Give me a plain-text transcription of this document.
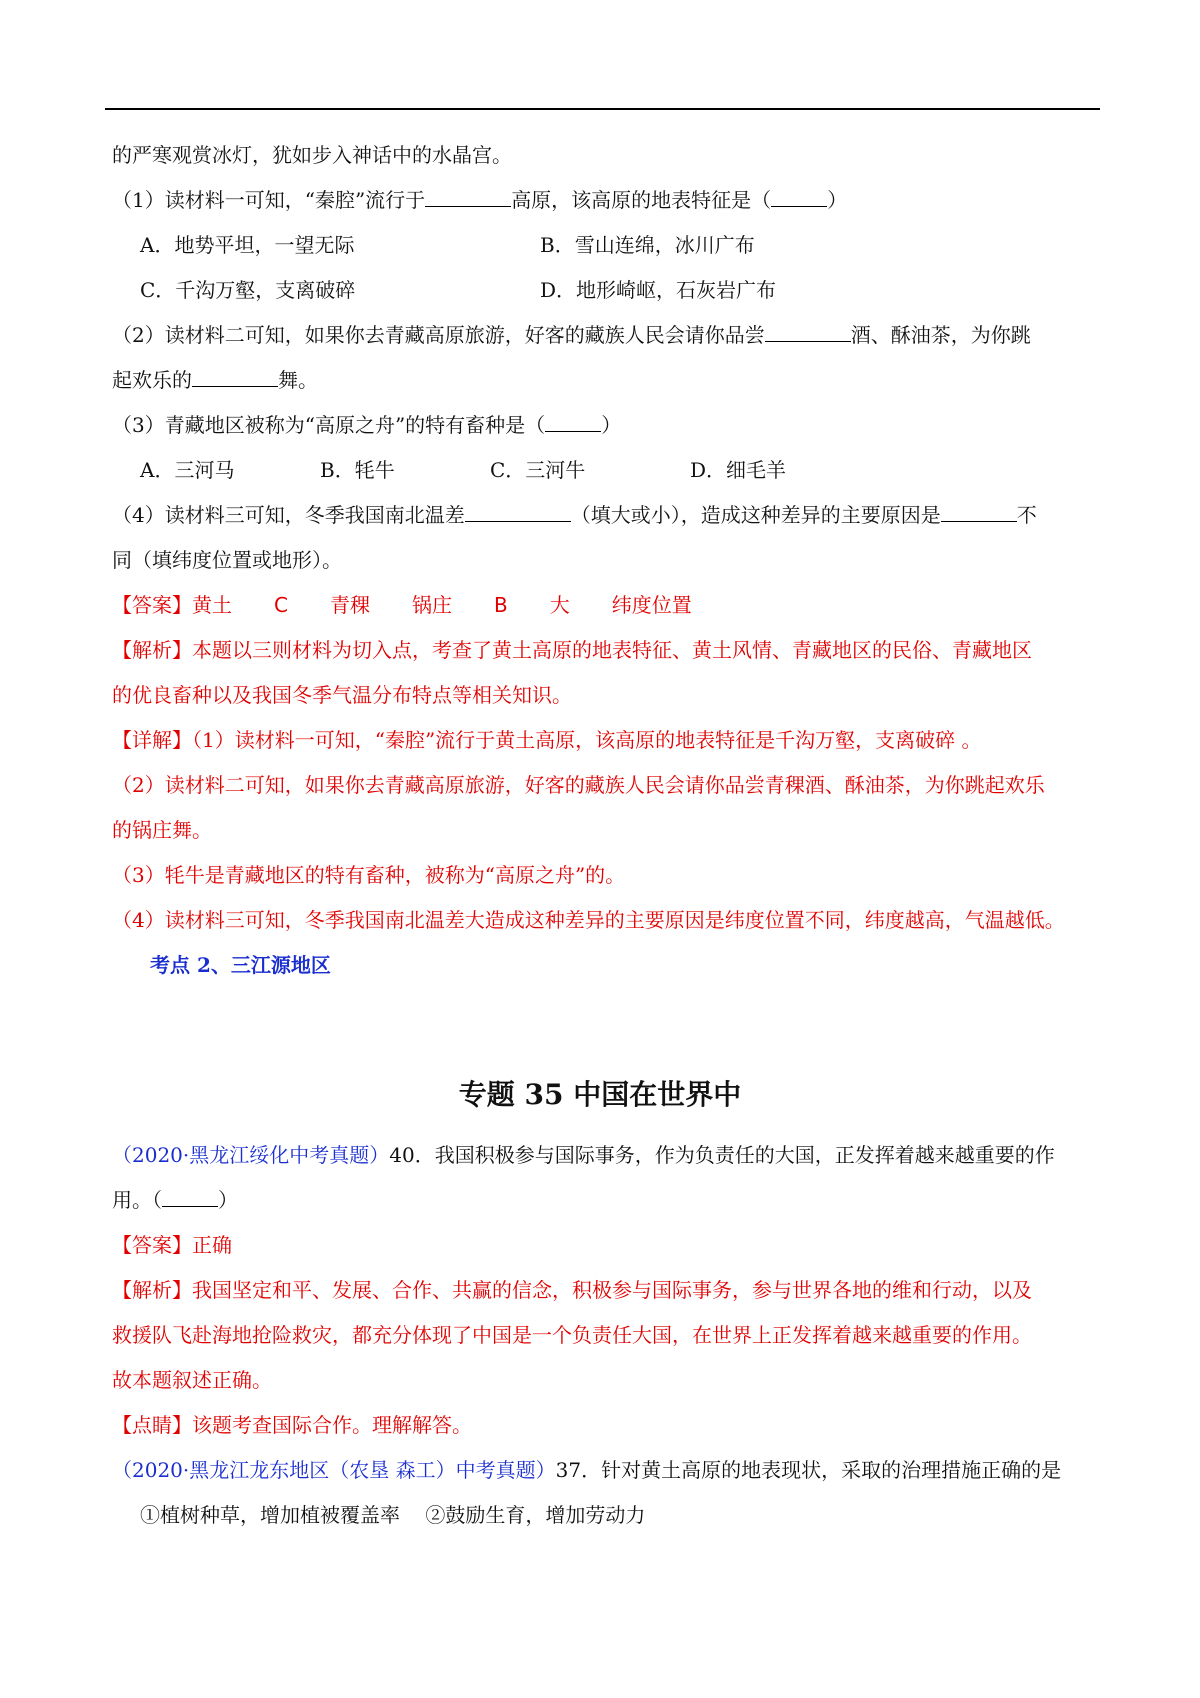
的严寒观赏冰灯，犹如步入神话中的水晶宫。
（1）读材料一可知，“秦腔”流行于	高原，该高原的地表特征是（	）
A．地势平坦，一望无际	B．雪山连绵，冰川广布
C．千沟万壑，支离破碎	D．地形崎岖，石灰岩广布
（2）读材料二可知，如果你去青藏高原旅游，好客的藏族人民会请你品尝	酒、酥油茶，为你跳
起欢乐的	舞。
（3）青藏地区被称为“高原之舟”的特有畜种是（	）
A．三河马	B．牦牛	C．三河牛	D．细毛羊
（4）读材料三可知，冬季我国南北温差	（填大或小），造成这种差异的主要原因是	不
同（填纬度位置或地形）。
【答案】黄土 C 青稞 锅庄 B 大 纬度位置
【解析】本题以三则材料为切入点，考查了黄土高原的地表特征、黄土风情、青藏地区的民俗、青藏地区
的优良畜种以及我国冬季气温分布特点等相关知识。
【详解】（1）读材料一可知，“秦腔”流行于黄土高原，该高原的地表特征是千沟万壑，支离破碎 。
（2）读材料二可知，如果你去青藏高原旅游，好客的藏族人民会请你品尝青稞酒、酥油茶，为你跳起欢乐
的锅庄舞。
（3）牦牛是青藏地区的特有畜种，被称为“高原之舟”的。
（4）读材料三可知，冬季我国南北温差大造成这种差异的主要原因是纬度位置不同，纬度越高，气温越低。
考点 2、三江源地区
专题 35 中国在世界中
（2020·黑龙江绥化中考真题）40．我国积极参与国际事务，作为负责任的大国，正发挥着越来越重要的作
用。（	）
【答案】正确
【解析】我国坚定和平、发展、合作、共赢的信念，积极参与国际事务，参与世界各地的维和行动，以及
救援队飞赴海地抢险救灾，都充分体现了中国是一个负责任大国，在世界上正发挥着越来越重要的作用。
故本题叙述正确。
【点睛】该题考查国际合作。理解解答。
（2020·黑龙江龙东地区（农垦 森工）中考真题）37．针对黄土高原的地表现状，采取的治理措施正确的是
①植树种草，增加植被覆盖率    ②鼓励生育，增加劳动力
